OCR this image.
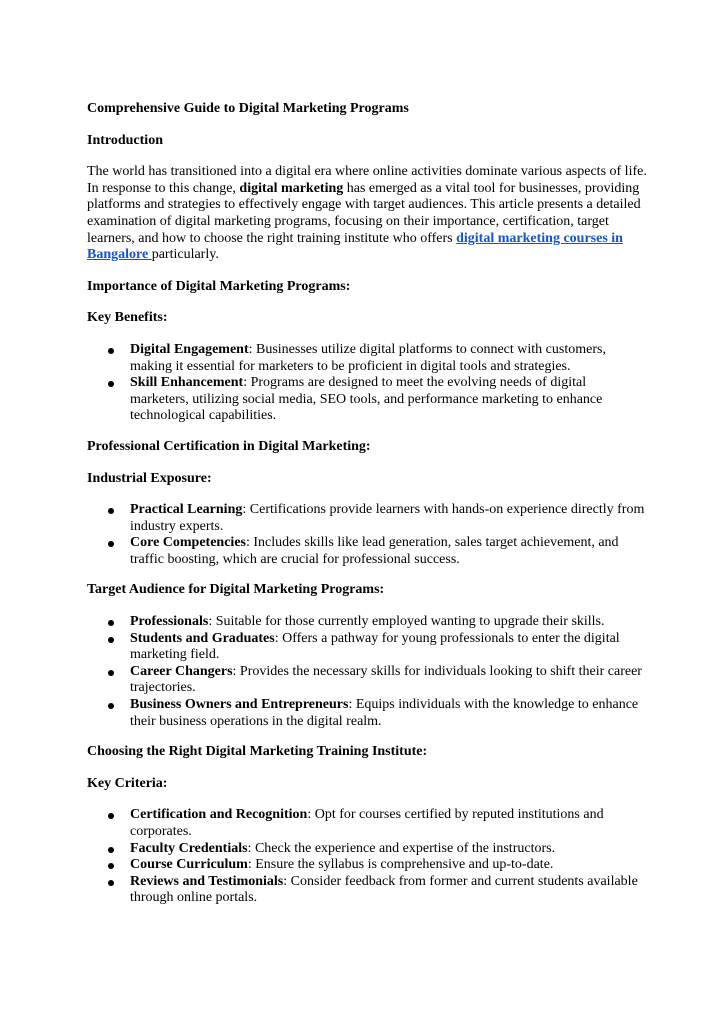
Comprehensive Guide to Digital Marketing Programs

Introduction

The world has transitioned into a digital era where online activities dominate various aspects of life. In response to this change, digital marketing has emerged as a vital tool for businesses, providing platforms and strategies to effectively engage with target audiences. This article presents a detailed examination of digital marketing programs, focusing on their importance, certification, target learners, and how to choose the right training institute who offers digital marketing courses in Bangalore particularly.

Importance of Digital Marketing Programs:

Key Benefits:

Digital Engagement: Businesses utilize digital platforms to connect with customers, making it essential for marketers to be proficient in digital tools and strategies.
Skill Enhancement: Programs are designed to meet the evolving needs of digital marketers, utilizing social media, SEO tools, and performance marketing to enhance technological capabilities.

Professional Certification in Digital Marketing:

Industrial Exposure:

Practical Learning: Certifications provide learners with hands-on experience directly from industry experts.
Core Competencies: Includes skills like lead generation, sales target achievement, and traffic boosting, which are crucial for professional success.

Target Audience for Digital Marketing Programs:

Professionals: Suitable for those currently employed wanting to upgrade their skills.
Students and Graduates: Offers a pathway for young professionals to enter the digital marketing field.
Career Changers: Provides the necessary skills for individuals looking to shift their career trajectories.
Business Owners and Entrepreneurs: Equips individuals with the knowledge to enhance their business operations in the digital realm.

Choosing the Right Digital Marketing Training Institute:

Key Criteria:

Certification and Recognition: Opt for courses certified by reputed institutions and corporates.
Faculty Credentials: Check the experience and expertise of the instructors.
Course Curriculum: Ensure the syllabus is comprehensive and up-to-date.
Reviews and Testimonials: Consider feedback from former and current students available through online portals.
